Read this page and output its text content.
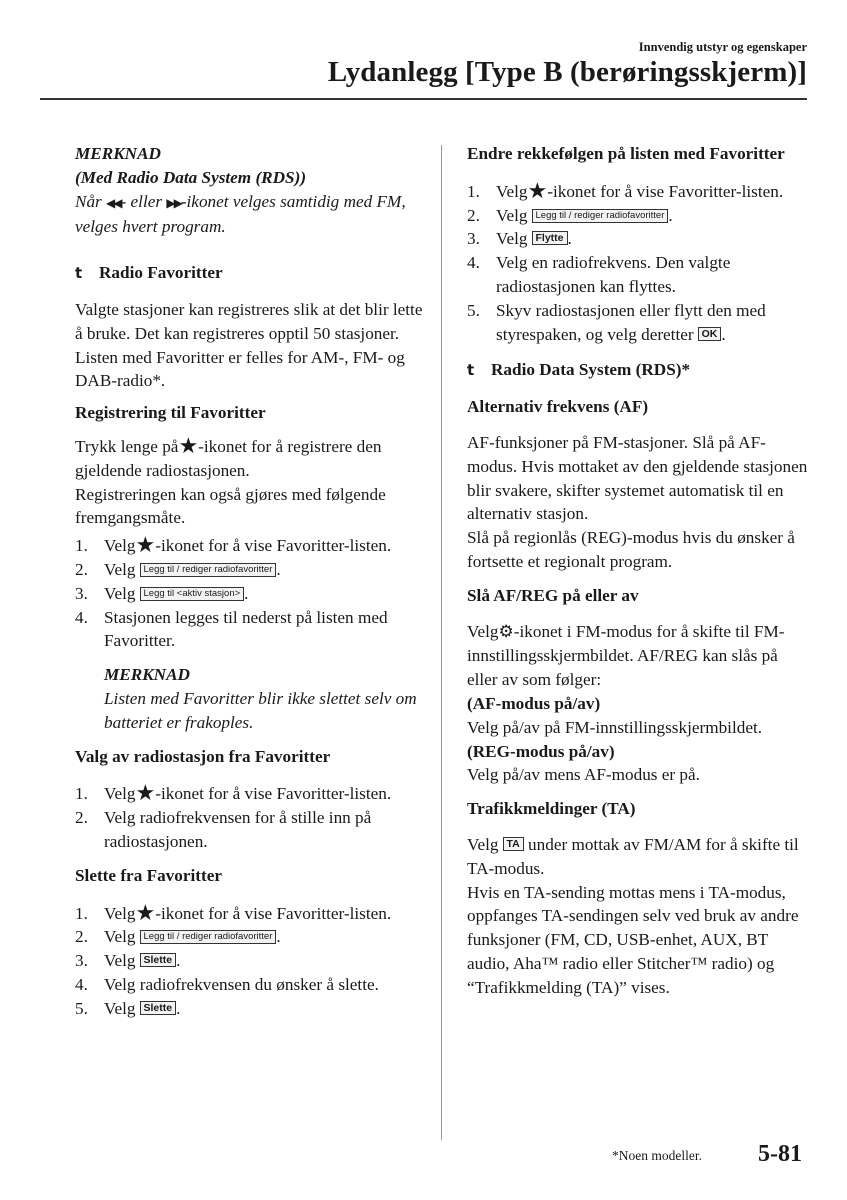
Innvendig utstyr og egenskaper
Lydanlegg [Type B (berøringsskjerm)]

MERKNAD

(Med Radio Data System (RDS))

Når ◀◀- eller ▶▶-ikonet velges samtidig med FM, velges hvert program.

t Radio Favoritter

Valgte stasjoner kan registreres slik at det blir lette å bruke. Det kan registreres opptil 50 stasjoner. Listen med Favoritter er felles for AM-, FM- og DAB-radio*.

Registrering til Favoritter

Trykk lenge på★-ikonet for å registrere den gjeldende radiostasjonen.

Registreringen kan også gjøres med følgende fremgangsmåte.

1. Velg★-ikonet for å vise Favoritter-listen.
2. Velg Legg til / rediger radiofavoritter .
3. Velg Legg til <aktiv stasjon> .
4. Stasjonen legges til nederst på listen med Favoritter.

MERKNAD

Listen med Favoritter blir ikke slettet selv om batteriet er frakoples.

Valg av radiostasjon fra Favoritter

1. Velg★-ikonet for å vise Favoritter-listen.
2. Velg radiofrekvensen for å stille inn på radiostasjonen.

Slette fra Favoritter

1. Velg★-ikonet for å vise Favoritter-listen.
2. Velg Legg til / rediger radiofavoritter .
3. Velg Slette .
4. Velg radiofrekvensen du ønsker å slette.
5. Velg Slette .

Endre rekkefølgen på listen med Favoritter

1. Velg★-ikonet for å vise Favoritter-listen.
2. Velg Legg til / rediger radiofavoritter .
3. Velg Flytte .
4. Velg en radiofrekvens. Den valgte radiostasjonen kan flyttes.
5. Skyv radiostasjonen eller flytt den med styrespaken, og velg deretter OK .
t Radio Data System (RDS)*

Alternativ frekvens (AF)

AF-funksjoner på FM-stasjoner. Slå på AF-modus. Hvis mottaket av den gjeldende stasjonen blir svakere, skifter systemet automatisk til en alternativ stasjon.

Slå på regionlås (REG)-modus hvis du ønsker å fortsette et regionalt program.

Slå AF/REG på eller av

Velg⚙-ikonet i FM-modus for å skifte til FM-innstillingsskjermbildet. AF/REG kan slås på eller av som følger:

(AF-modus på/av)

Velg på/av på FM-innstillingsskjermbildet.

(REG-modus på/av)

Velg på/av mens AF-modus er på.

Trafikkmeldinger (TA)

Velg TA under mottak av FM/AM for å skifte til TA-modus.

Hvis en TA-sending mottas mens i TA-modus, oppfanges TA-sendingen selv ved bruk av andre funksjoner (FM, CD, USB-enhet, AUX, BT audio, Aha™ radio eller Stitcher™ radio) og “Trafikkmelding (TA)” vises.

*Noen modeller. 5-81
